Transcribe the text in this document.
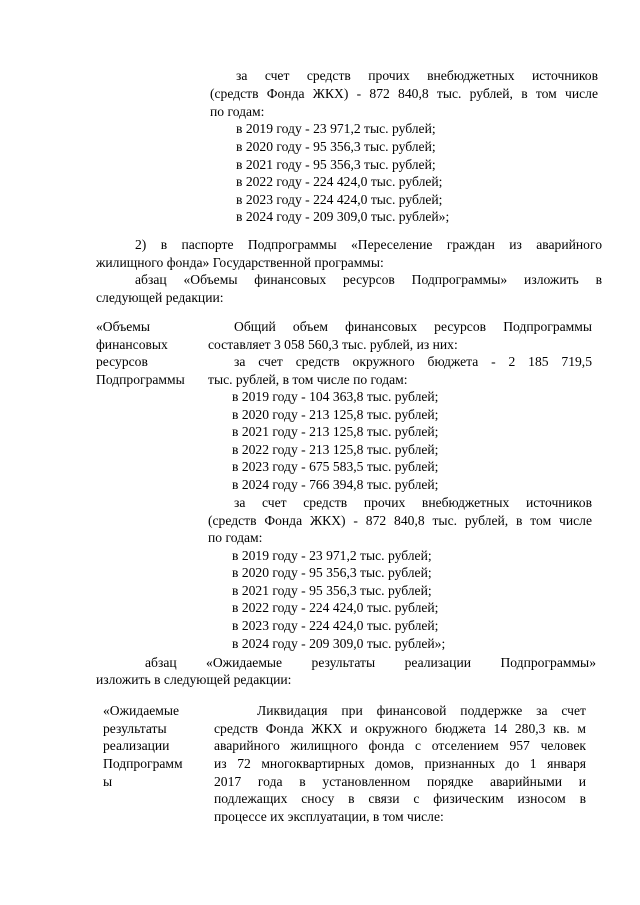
за счет средств прочих внебюджетных источников
(средств Фонда ЖКХ) - 872 840,8 тыс. рублей, в том числе
по годам:
в 2019 году - 23 971,2 тыс. рублей;
в 2020 году - 95 356,3 тыс. рублей;
в 2021 году - 95 356,3 тыс. рублей;
в 2022 году - 224 424,0 тыс. рублей;
в 2023 году - 224 424,0 тыс. рублей;
в 2024 году - 209 309,0 тыс. рублей»;
2) в паспорте Подпрограммы «Переселение граждан из аварийного
жилищного фонда» Государственной программы:
абзац «Объемы финансовых ресурсов Подпрограммы» изложить в
следующей редакции:
«Объемы
финансовых
ресурсов
Подпрограммы
Общий объем финансовых ресурсов Подпрограммы
составляет 3 058 560,3 тыс. рублей, из них:
за счет средств окружного бюджета - 2 185 719,5
тыс. рублей, в том числе по годам:
в 2019 году - 104 363,8 тыс. рублей;
в 2020 году - 213 125,8 тыс. рублей;
в 2021 году - 213 125,8 тыс. рублей;
в 2022 году - 213 125,8 тыс. рублей;
в 2023 году - 675 583,5 тыс. рублей;
в 2024 году - 766 394,8 тыс. рублей;
за счет средств прочих внебюджетных источников
(средств Фонда ЖКХ) - 872 840,8 тыс. рублей, в том числе
по годам:
в 2019 году - 23 971,2 тыс. рублей;
в 2020 году - 95 356,3 тыс. рублей;
в 2021 году - 95 356,3 тыс. рублей;
в 2022 году - 224 424,0 тыс. рублей;
в 2023 году - 224 424,0 тыс. рублей;
в 2024 году - 209 309,0 тыс. рублей»;
абзац «Ожидаемые результаты реализации Подпрограммы»
изложить в следующей редакции:
«Ожидаемые
результаты
реализации
Подпрограмм
ы
Ликвидация при финансовой поддержке за счет
средств Фонда ЖКХ и окружного бюджета 14 280,3 кв. м
аварийного жилищного фонда с отселением 957 человек
из 72 многоквартирных домов, признанных до 1 января
2017 года в установленном порядке аварийными и
подлежащих сносу в связи с физическим износом в
процессе их эксплуатации, в том числе:
